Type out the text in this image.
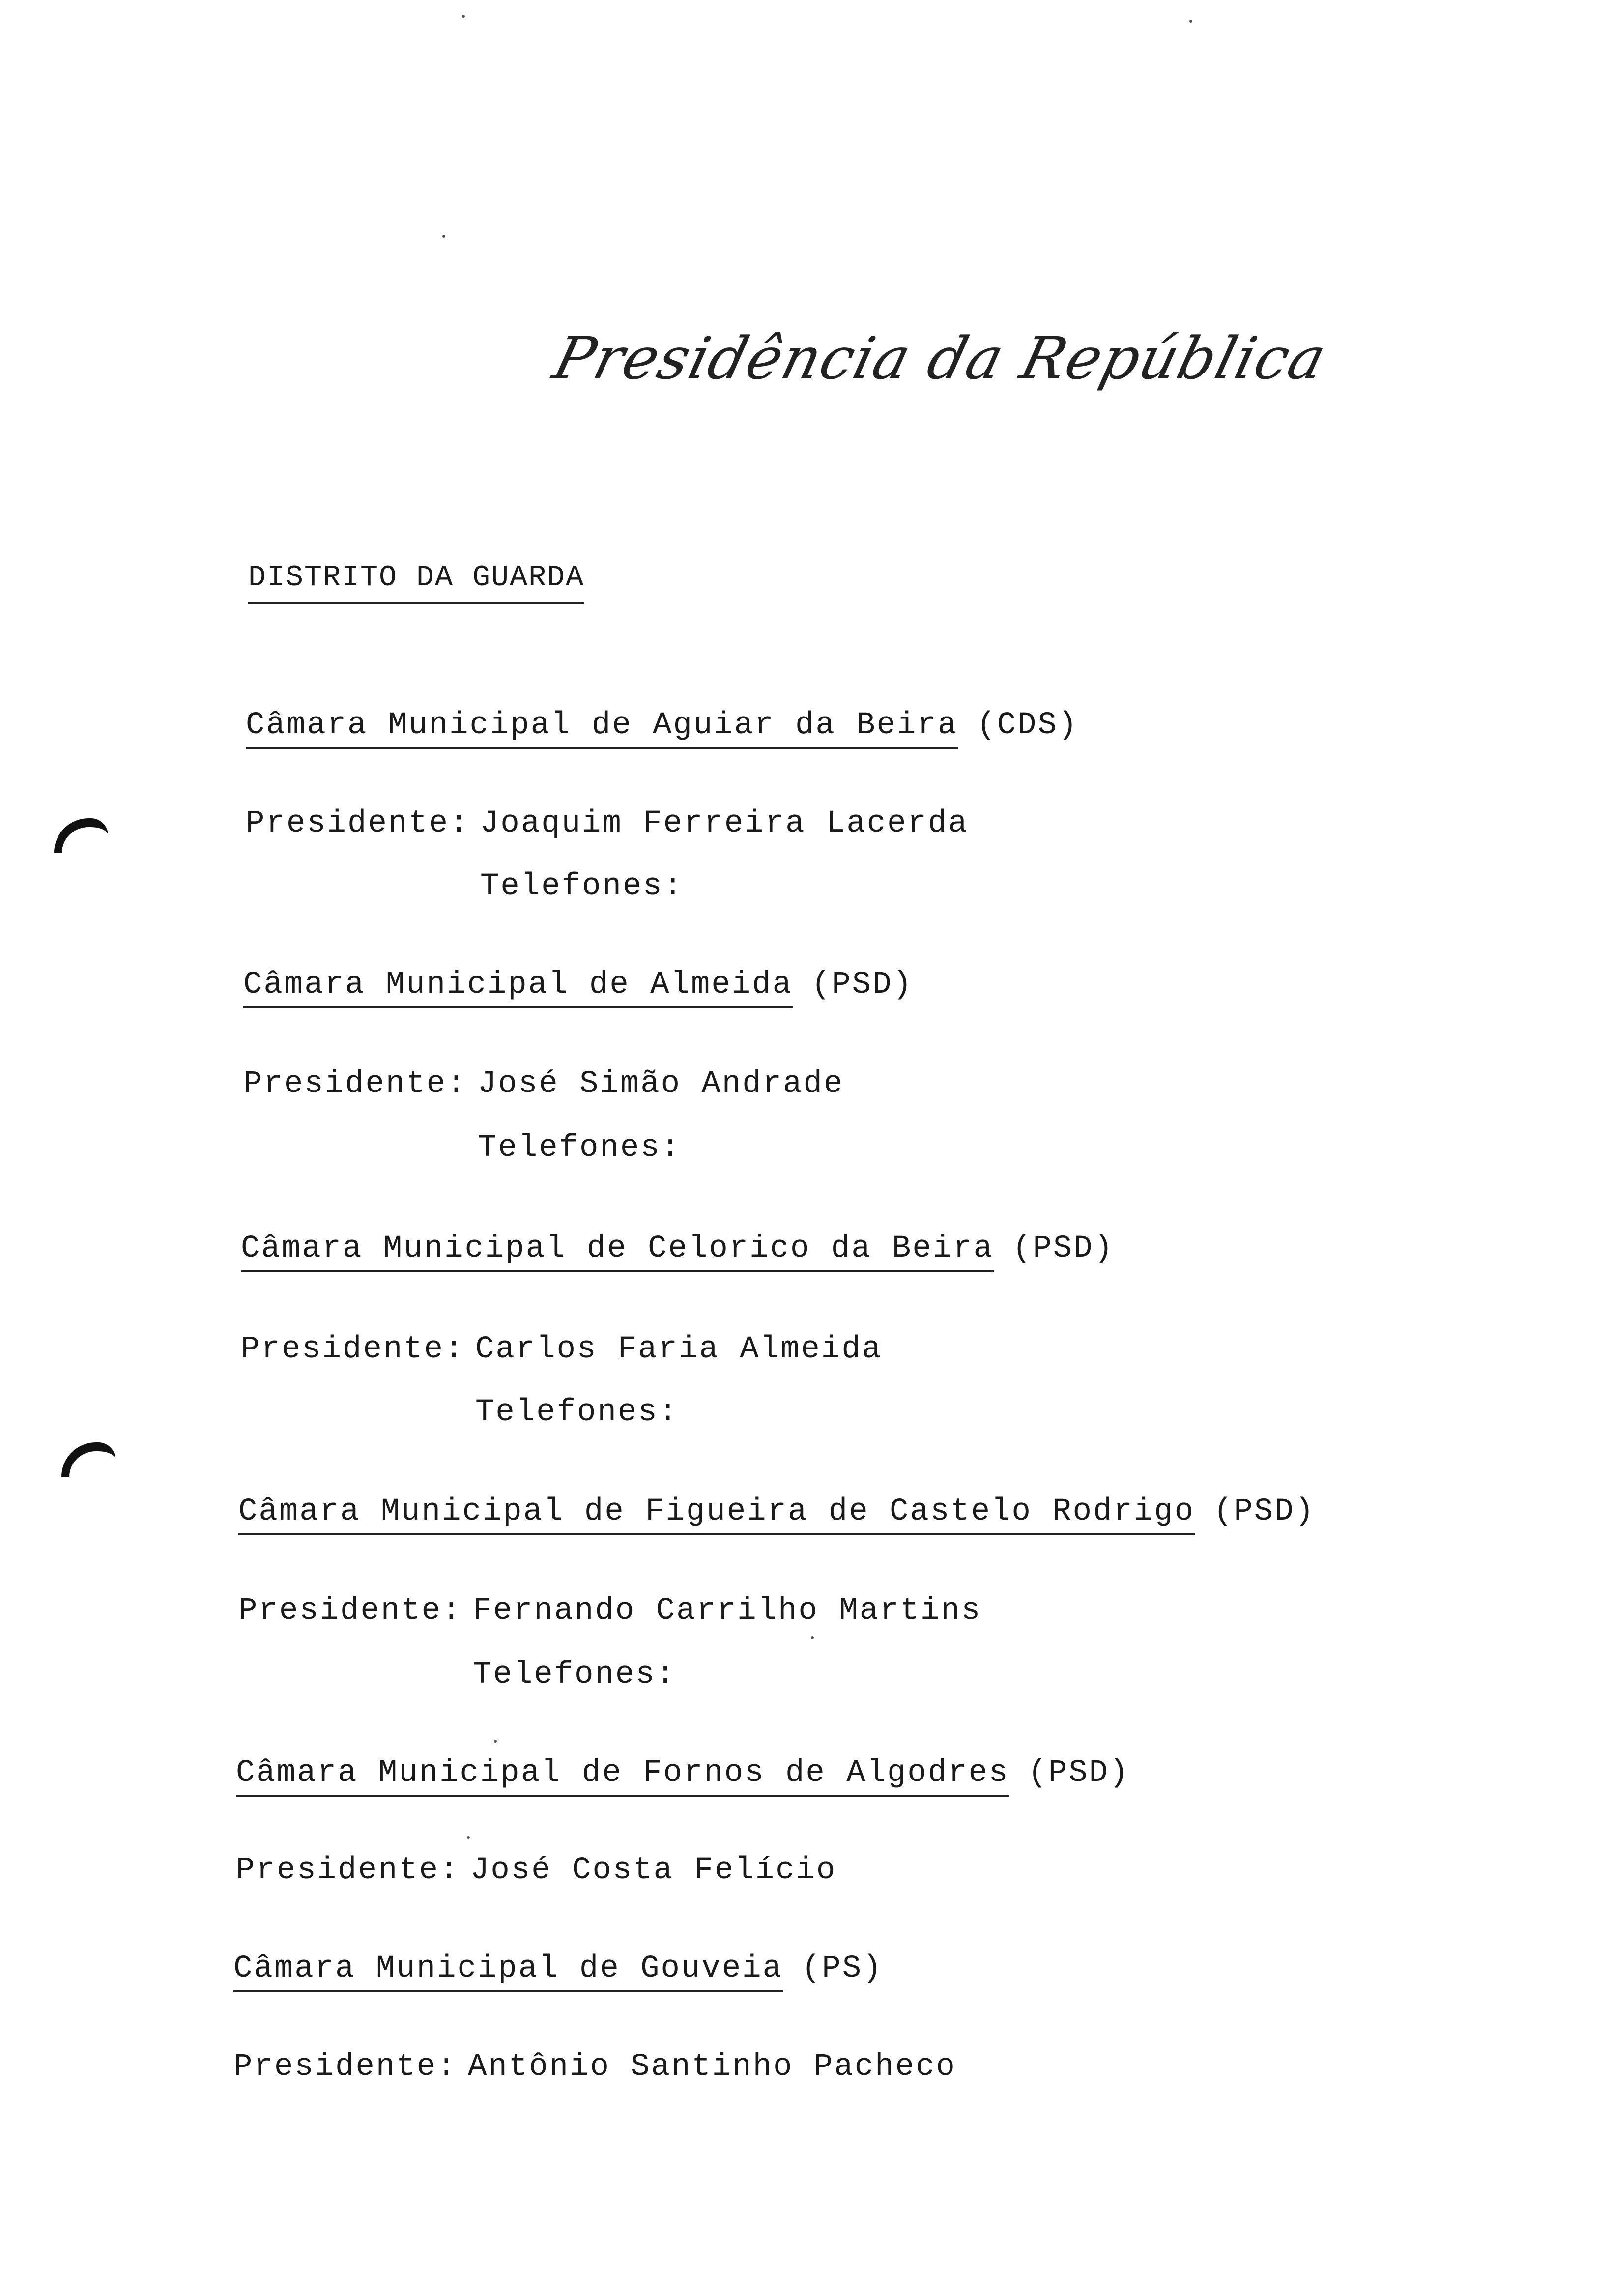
Presidência da República
DISTRITO DA GUARDA
Câmara Municipal de Aguiar da Beira (CDS)
Presidente: Joaquim Ferreira Lacerda
Telefones:
Câmara Municipal de Almeida (PSD)
Presidente: José Simão Andrade
Telefones:
Câmara Municipal de Celorico da Beira (PSD)
Presidente: Carlos Faria Almeida
Telefones:
Câmara Municipal de Figueira de Castelo Rodrigo (PSD)
Presidente: Fernando Carrilho Martins
Telefones:
Câmara Municipal de Fornos de Algodres (PSD)
Presidente: José Costa Felício
Câmara Municipal de Gouveia (PS)
Presidente: Antônio Santinho Pacheco
